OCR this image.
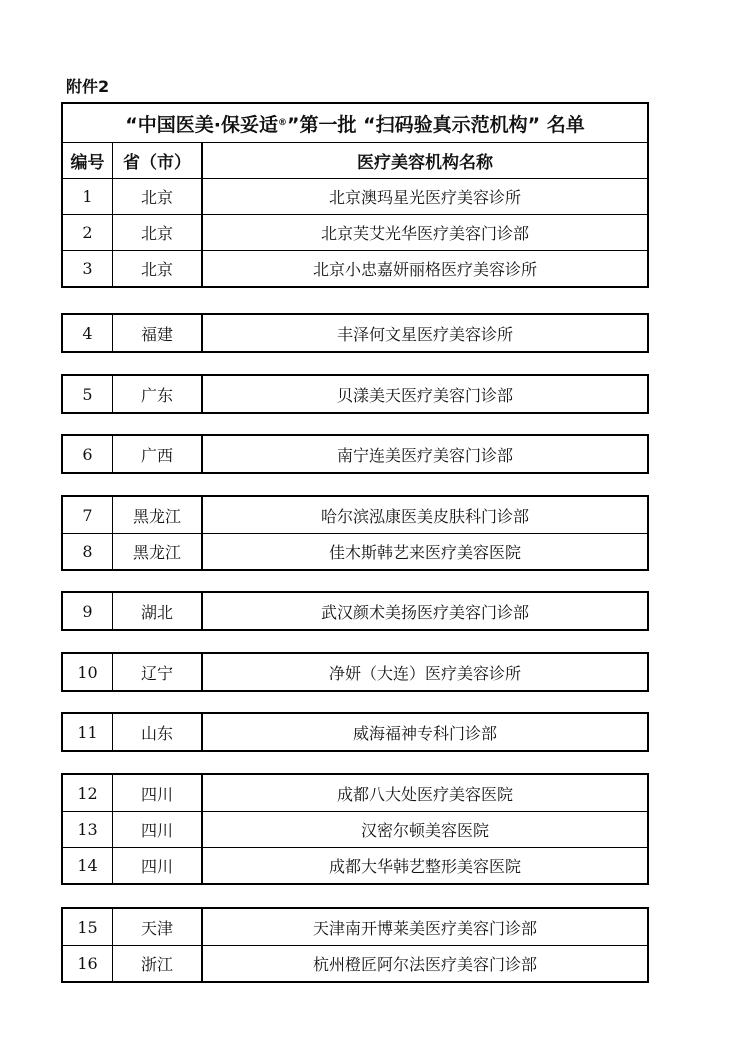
附件2
“中国医美·保妥适 ® ”第一批 “扫码验真示范机构” 名单
编号	省（市）	医疗美容机构名称
1	北京	北京澳玛星光医疗美容诊所
2	北京	北京芙艾光华医疗美容门诊部
3	北京	北京小忠嘉妍丽格医疗美容诊所
4	福建	丰泽何文星医疗美容诊所
5	广东	贝漾美天医疗美容门诊部
6	广西	南宁连美医疗美容门诊部
7	黑龙江	哈尔滨泓康医美皮肤科门诊部
8	黑龙江	佳木斯韩艺来医疗美容医院
9	湖北	武汉颜术美扬医疗美容门诊部
10	辽宁	净妍（大连）医疗美容诊所
11	山东	威海福神专科门诊部
12	四川	成都八大处医疗美容医院
13	四川	汉密尔顿美容医院
14	四川	成都大华韩艺整形美容医院
15	天津	天津南开博莱美医疗美容门诊部
16	浙江	杭州橙匠阿尔法医疗美容门诊部
